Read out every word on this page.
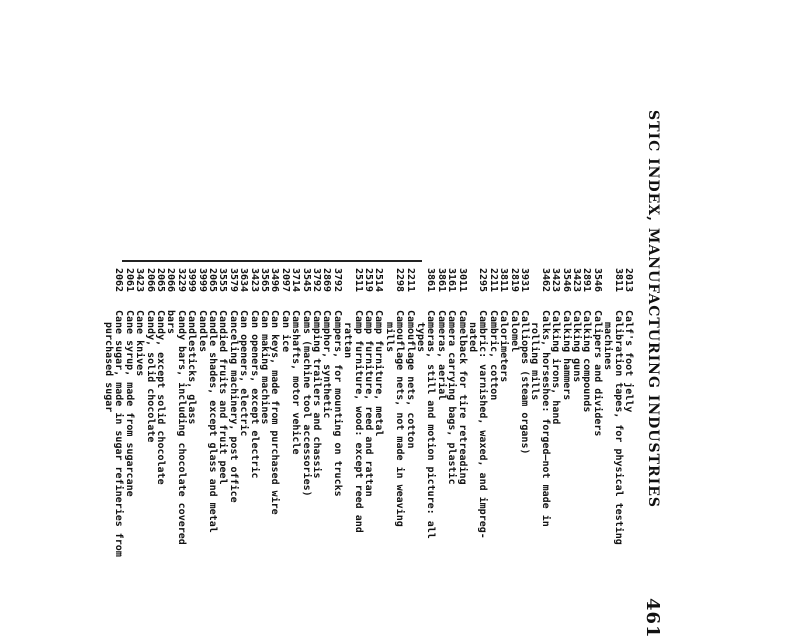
STIC INDEX, MANUFACTURING INDUSTRIES
461
2013Calf's foot jelly
3811Calibration tapes, for physical testing
machines
3546Calipers and dividers
2891Calking compounds
3423Calking guns
3546Calking hammers
3423Calking irons, hand
3462Calks, horseshoe: forged—not made in
rolling mills
3931Calliopes (steam organs)
2819Calomel
3811Calorimeters
2211Cambric, cotton
2295Cambric: varnished, waxed, and impreg-
nated
3011Camelback for tire retreading
3161Camera carrying bags, plastic
3861Cameras, aerial
3861Cameras, still and motion picture: all
types
2211Camouflage nets, cotton
2298Camouflage nets, not made in weaving
mills
2514Camp furniture, metal
2519Camp furniture, reed and rattan
2511Camp furniture, wood: except reed and
rattan
3792Campers, for mounting on trucks
2869Camphor, synthetic
3792Camping trailers and chassis
3545Cams (machine tool accessories)
3714Camshafts, motor vehicle
2097Can ice
3496Can keys, made from purchased wire
3565Can making machines
3423Can openers, except electric
3634Can openers, electric
3579Canceling machinery, post office
3555Candied fruits and fruit peel
2065Candle shades, except glass and metal
3999Candles
3999Candlesticks, glass
3229Candy bars, including chocolate covered
2066bars
2065Candy, except solid chocolate
2066Candy, solid chocolate
3423Cane knives
2061Cane syrup, made from sugarcane
2062Cane sugar, made in sugar refineries from
purchased sugar
